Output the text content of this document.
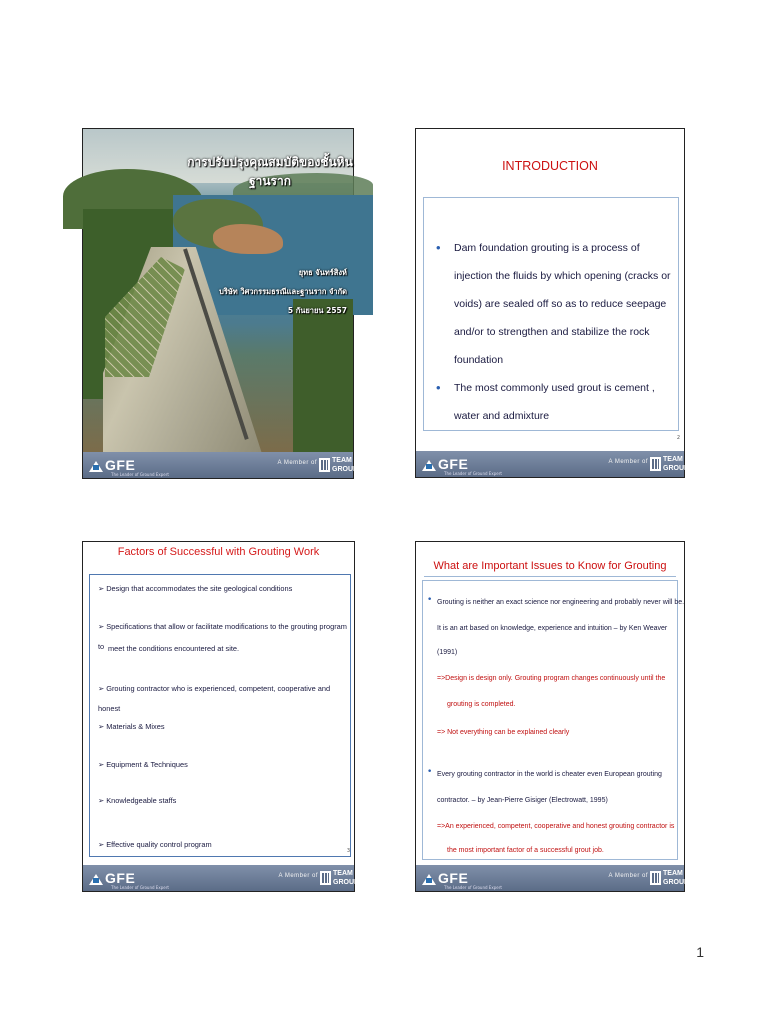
การปรับปรุงคุณสมบัติของชั้นหินฐานราก
ยุทธ จันทร์สิงห์
บริษัท วิศวกรรมธรณีและฐานราก จำกัด
5 กันยายน 2557
GFE
The Leader of Ground Expert
A Member of TEAM
GROUP
INTRODUCTION
• Dam foundation grouting is a process of injection the fluids by which opening (cracks or voids) are sealed off so as to reduce seepage and/or to strengthen and stabilize the rock foundation
• The most commonly used grout is cement , water and admixture
2
GFE
The Leader of Ground Expert
A Member of TEAM
GROUP
Factors of Successful with Grouting Work
➢ Design that accommodates the site geological conditions
➢ Specifications that allow or facilitate modifications to the grouting program to meet the conditions encountered at site.
➢ Grouting contractor who is experienced, competent, cooperative and honest
➢ Materials & Mixes
➢ Equipment & Techniques
➢ Knowledgeable staffs
➢ Effective quality control program
3
GFE
The Leader of Ground Expert
A Member of TEAM
GROUP
What are Important Issues to Know for Grouting
• Grouting is neither an exact science nor engineering and probably never will be.
It is an art based on knowledge, experience and intuition – by Ken Weaver
(1991)
=>Design is design only. Grouting program changes continuously until the
grouting is completed.
=> Not everything can be explained clearly
• Every grouting contractor in the world is cheater even European grouting
contractor. – by Jean-Pierre Gisiger (Electrowatt, 1995)
=>An experienced, competent, cooperative and honest grouting contractor is
the most important factor of a successful grout job.
GFE
The Leader of Ground Expert
A Member of TEAM
GROUP
1
